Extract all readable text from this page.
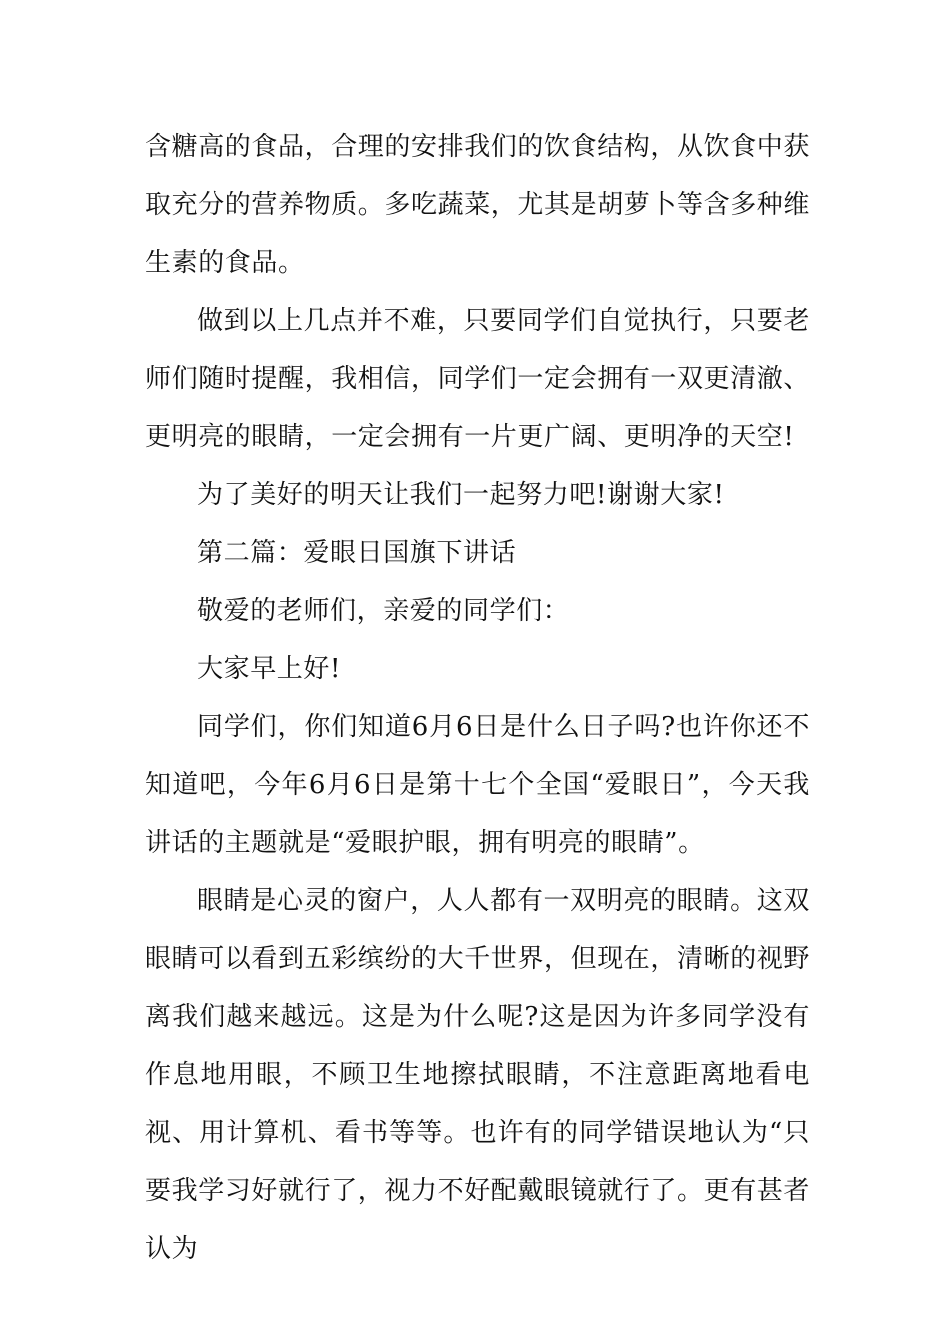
含糖高的食品，合理的安排我们的饮食结构，从饮食中获取充分的营养物质。多吃蔬菜，尤其是胡萝卜等含多种维生素的食品。

做到以上几点并不难，只要同学们自觉执行，只要老师们随时提醒，我相信，同学们一定会拥有一双更清澈、更明亮的眼睛，一定会拥有一片更广阔、更明净的天空!

为了美好的明天让我们一起努力吧!谢谢大家!

第二篇：爱眼日国旗下讲话

敬爱的老师们，亲爱的同学们：

大家早上好!

同学们，你们知道6月6日是什么日子吗?也许你还不知道吧，今年6月6日是第十七个全国“爱眼日”，今天我讲话的主题就是“爱眼护眼，拥有明亮的眼睛”。

眼睛是心灵的窗户，人人都有一双明亮的眼睛。这双眼睛可以看到五彩缤纷的大千世界，但现在，清晰的视野离我们越来越远。这是为什么呢?这是因为许多同学没有作息地用眼，不顾卫生地擦拭眼睛，不注意距离地看电视、用计算机、看书等等。也许有的同学错误地认为“只要我学习好就行了，视力不好配戴眼镜就行了。更有甚者认为
